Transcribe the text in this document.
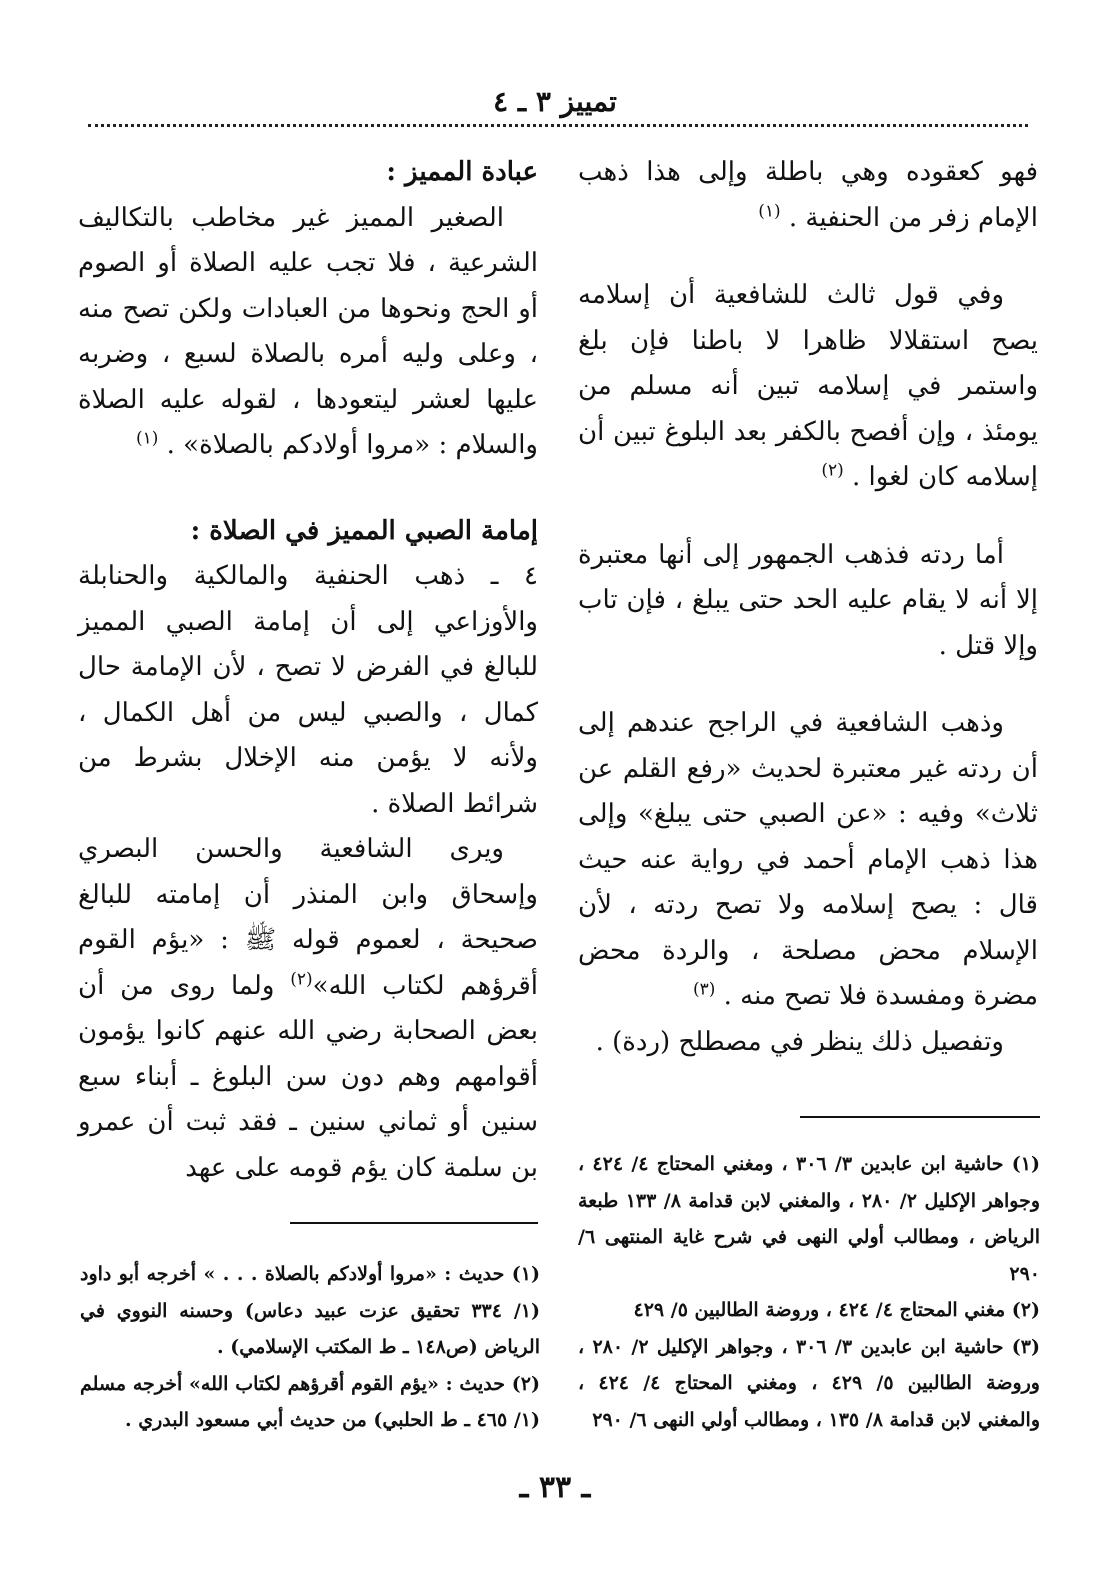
تمييز ٣ ـ ٤

فهو كعقوده وهي باطلة وإلى هذا ذهب الإمام زفر من الحنفية . $^{(١)}$

وفي قول ثالث للشافعية أن إسلامه يصح استقلالا ظاهرا لا باطنا فإن بلغ واستمر في إسلامه تبين أنه مسلم من يومئذ ، وإن أفصح بالكفر بعد البلوغ تبين أن إسلامه كان لغوا . $^{(٢)}$

أما ردته فذهب الجمهور إلى أنها معتبرة إلا أنه لا يقام عليه الحد حتى يبلغ ، فإن تاب وإلا قتل .

وذهب الشافعية في الراجح عندهم إلى أن ردته غير معتبرة لحديث «رفع القلم عن ثلاث» وفيه : «عن الصبي حتى يبلغ» وإلى هذا ذهب الإمام أحمد في رواية عنه حيث قال : يصح إسلامه ولا تصح ردته ، لأن الإسلام محض مصلحة ، والردة محض مضرة ومفسدة فلا تصح منه . $^{(٣)}$

وتفصيل ذلك ينظر في مصطلح (ردة) .

عبادة المميز :

الصغير المميز غير مخاطب بالتكاليف الشرعية ، فلا تجب عليه الصلاة أو الصوم أو الحج ونحوها من العبادات ولكن تصح منه ، وعلى وليه أمره بالصلاة لسبع ، وضربه عليها لعشر ليتعودها ، لقوله عليه الصلاة والسلام : «مروا أولادكم بالصلاة» . $^{(١)}$

إمامة الصبي المميز في الصلاة :

٤ ـ ذهب الحنفية والمالكية والحنابلة والأوزاعي إلى أن إمامة الصبي المميز للبالغ في الفرض لا تصح ، لأن الإمامة حال كمال ، والصبي ليس من أهل الكمال ، ولأنه لا يؤمن منه الإخلال بشرط من شرائط الصلاة .

ويرى الشافعية والحسن البصري وإسحاق وابن المنذر أن إمامته للبالغ صحيحة ، لعموم قوله ﷺ : «يؤم القوم أقرؤهم لكتاب الله»$^{(٢)}$ ولما روى من أن بعض الصحابة رضي الله عنهم كانوا يؤمون أقوامهم وهم دون سن البلوغ ـ أبناء سبع سنين أو ثماني سنين ـ فقد ثبت أن عمرو بن سلمة كان يؤم قومه على عهد (١) حاشية ابن عابدين ٣/ ٣٠٦ ، ومغني المحتاج ٤/ ٤٢٤ ، وجواهر الإكليل ٢/ ٢٨٠ ، والمغني لابن قدامة ٨/ ١٣٣ طبعة الرياض ، ومطالب أولي النهى في شرح غاية المنتهى ٦/ ٢٩٠

(٢) مغني المحتاج ٤/ ٤٢٤ ، وروضة الطالبين ٥/ ٤٢٩

(٣) حاشية ابن عابدين ٣/ ٣٠٦ ، وجواهر الإكليل ٢/ ٢٨٠ ، وروضة الطالبين ٥/ ٤٢٩ ، ومغني المحتاج ٤/ ٤٢٤ ، والمغني لابن قدامة ٨/ ١٣٥ ، ومطالب أولي النهى ٦/ ٢٩٠

(١) حديث : «مروا أولادكم بالصلاة . . . » أخرجه أبو داود (١/ ٣٣٤ تحقيق عزت عبيد دعاس) وحسنه النووي في الرياض (ص١٤٨ ـ ط المكتب الإسلامي) .

(٢) حديث : «يؤم القوم أقرؤهم لكتاب الله» أخرجه مسلم (١/ ٤٦٥ ـ ط الحلبي) من حديث أبي مسعود البدري .

ـ ٣٣ ـ
